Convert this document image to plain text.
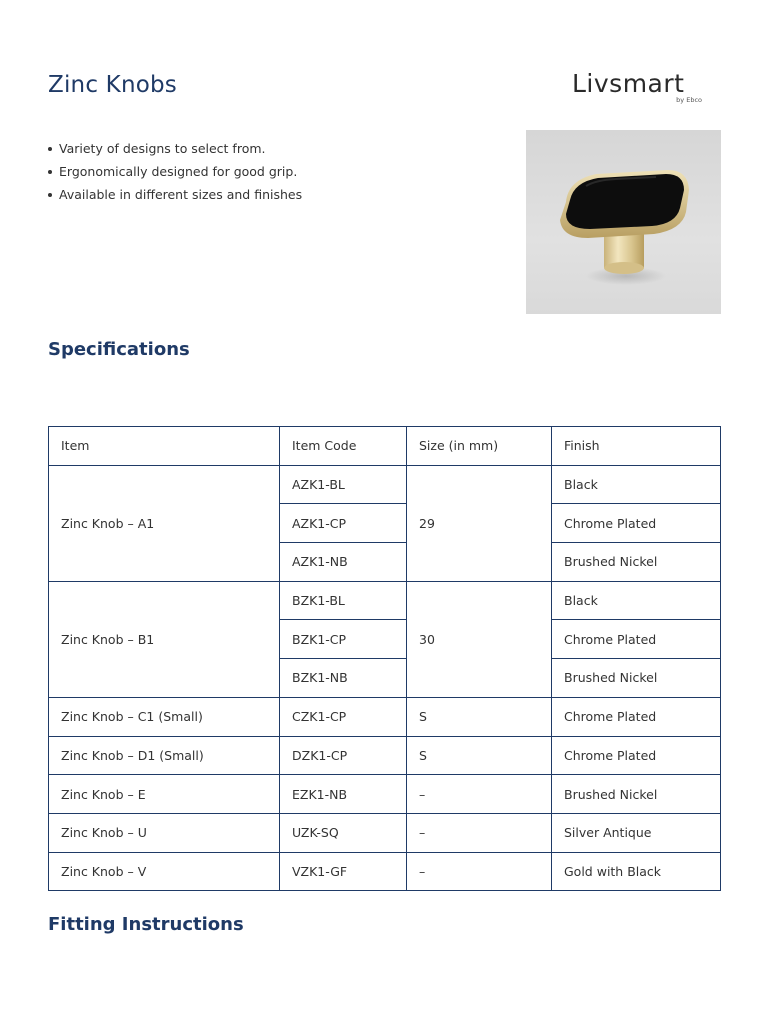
Zinc Knobs	Livsmart
by Ebco
Variety of designs to select from.
Ergonomically designed for good grip.
Available in different sizes and finishes
Specifications
Item	Item Code	Size (in mm)	Finish
Zinc Knob – A1	AZK1-BL	29	Black
	AZK1-CP		Chrome Plated
	AZK1-NB		Brushed Nickel
Zinc Knob – B1	BZK1-BL	30	Black
	BZK1-CP		Chrome Plated
	BZK1-NB		Brushed Nickel
Zinc Knob – C1 (Small)	CZK1-CP	S	Chrome Plated
Zinc Knob – D1 (Small)	DZK1-CP	S	Chrome Plated
Zinc Knob – E	EZK1-NB	–	Brushed Nickel
Zinc Knob – U	UZK-SQ	–	Silver Antique
Zinc Knob – V	VZK1-GF	–	Gold with Black
Fitting Instructions
